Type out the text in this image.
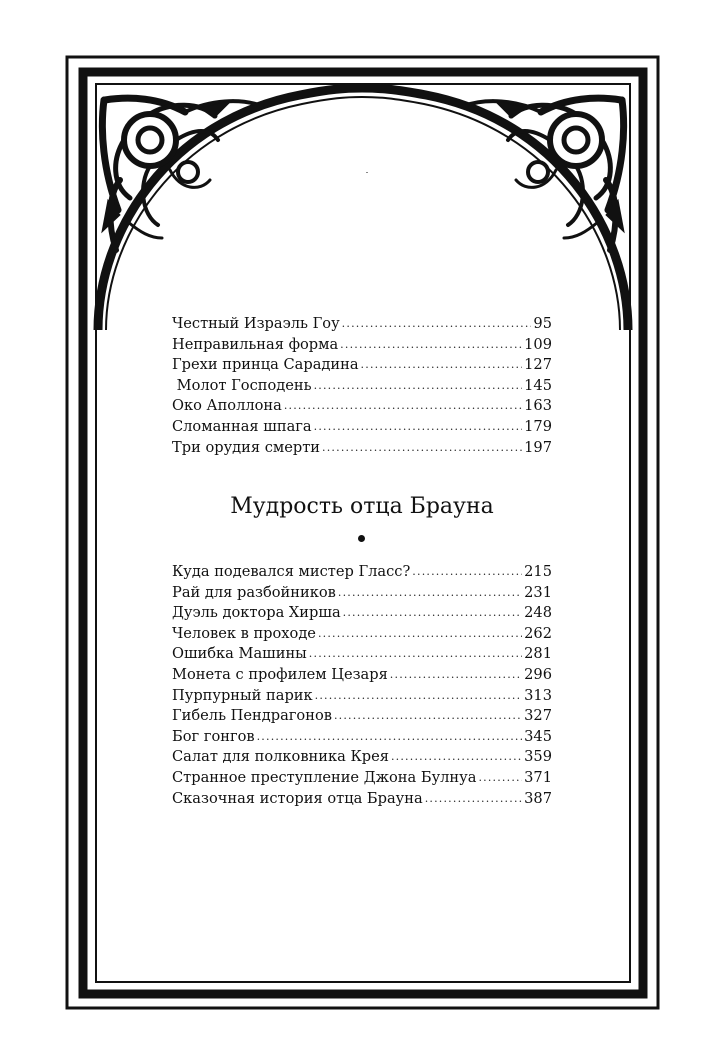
Честный Израэль Гоу .....	95
Неправильная форма .....	109
Грехи принца Сарадина .....	127
Молот Господень .....	145
Око Аполлона .....	163
Сломанная шпага .....	179
Три орудия смерти .....	197
Мудрость отца Брауна
Куда подевался мистер Гласс? .....	215
Рай для разбойников .....	231
Дуэль доктора Хирша .....	248
Человек в проходе .....	262
Ошибка Машины .....	281
Монета с профилем Цезаря .....	296
Пурпурный парик .....	313
Гибель Пендрагонов .....	327
Бог гонгов .....	345
Салат для полковника Крея .....	359
Странное преступление Джона Булнуа .....	371
Сказочная история отца Брауна .....	387
